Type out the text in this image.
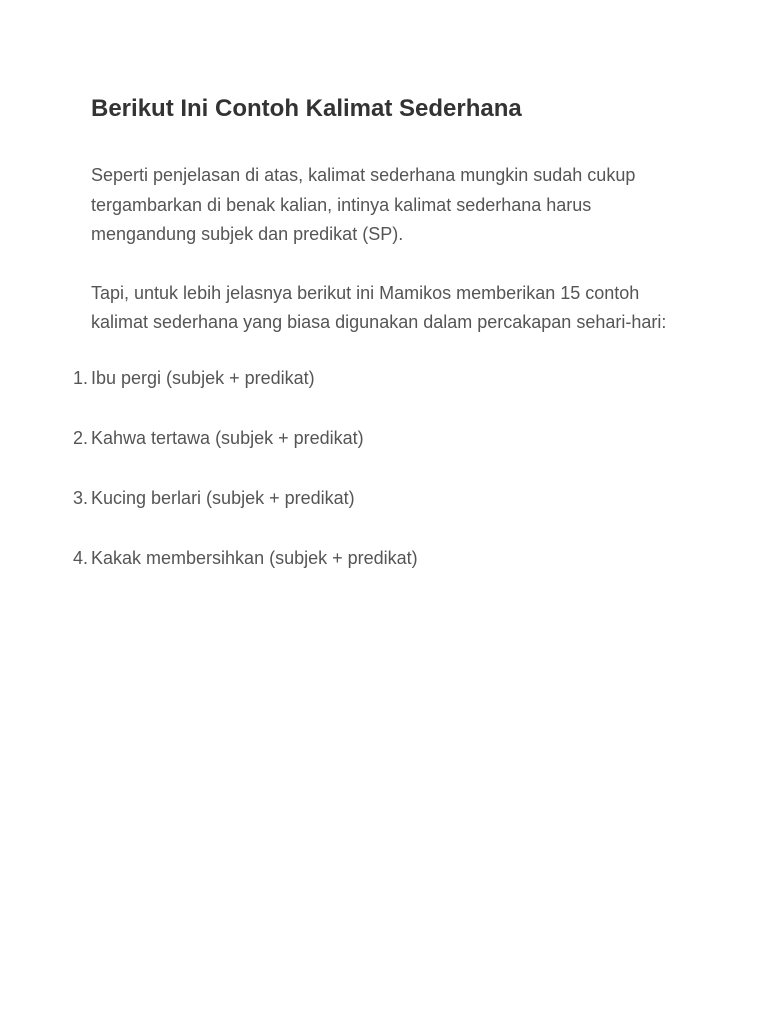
Berikut Ini Contoh Kalimat Sederhana

Seperti penjelasan di atas, kalimat sederhana mungkin sudah cukup tergambarkan di benak kalian, intinya kalimat sederhana harus mengandung subjek dan predikat (SP).

Tapi, untuk lebih jelasnya berikut ini Mamikos memberikan 15 contoh kalimat sederhana yang biasa digunakan dalam percakapan sehari-hari:

1. Ibu pergi (subjek + predikat)
2. Kahwa tertawa (subjek + predikat)
3. Kucing berlari (subjek + predikat)
4. Kakak membersihkan (subjek + predikat)
